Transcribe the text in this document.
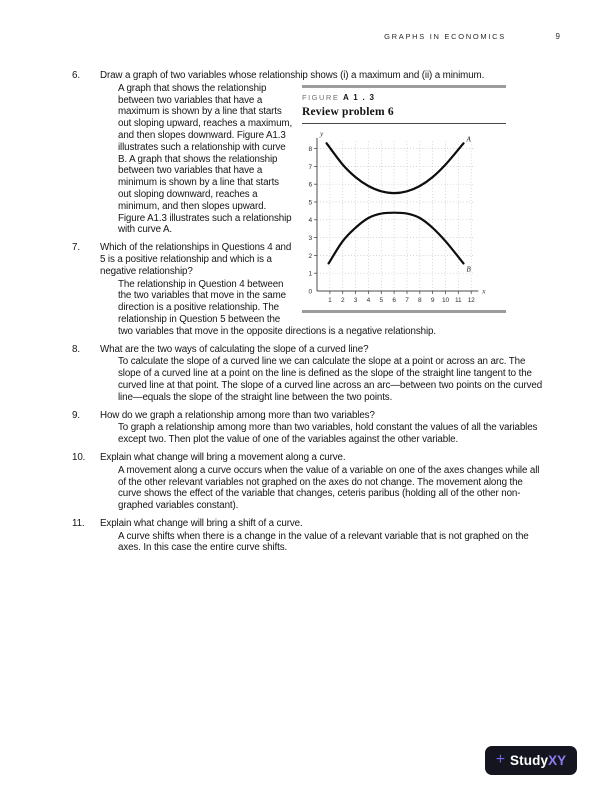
GRAPHS IN ECONOMICS	9
6. Draw a graph of two variables whose relationship shows (i) a maximum and (ii) a minimum.
FIGURE A 1 . 3
Review problem 6
1 2 3 4 5 6 7 8 9 10 11 12
0
1
2
3
4
5
6
7
8
y
x
A
B
A graph that shows the relationship between two variables that have a maximum is shown by a line that starts out sloping upward, reaches a maximum, and then slopes downward. Figure A1.3 illustrates such a relationship with curve B. A graph that shows the relationship between two variables that have a minimum is shown by a line that starts out sloping downward, reaches a minimum, and then slopes upward. Figure A1.3 illustrates such a relationship with curve A.
7. Which of the relationships in Questions 4 and 5 is a positive relationship and which is a negative relationship?
The relationship in Question 4 between the two variables that move in the same direction is a positive relationship. The relationship in Question 5 between the two variables that move in the opposite directions is a negative relationship.
8. What are the two ways of calculating the slope of a curved line?
To calculate the slope of a curved line we can calculate the slope at a point or across an arc. The slope of a curved line at a point on the line is defined as the slope of the straight line tangent to the curved line at that point. The slope of a curved line across an arc—between two points on the curved line—equals the slope of the straight line between the two points.
9. How do we graph a relationship among more than two variables?
To graph a relationship among more than two variables, hold constant the values of all the variables except two. Then plot the value of one of the variables against the other variable.
10. Explain what change will bring a movement along a curve.
A movement along a curve occurs when the value of a variable on one of the axes changes while all of the other relevant variables not graphed on the axes do not change. The movement along the curve shows the effect of the variable that changes, ceteris paribus (holding all of the other non-graphed variables constant).
11. Explain what change will bring a shift of a curve.
A curve shifts when there is a change in the value of a relevant variable that is not graphed on the axes. In this case the entire curve shifts.
+ Study XY
